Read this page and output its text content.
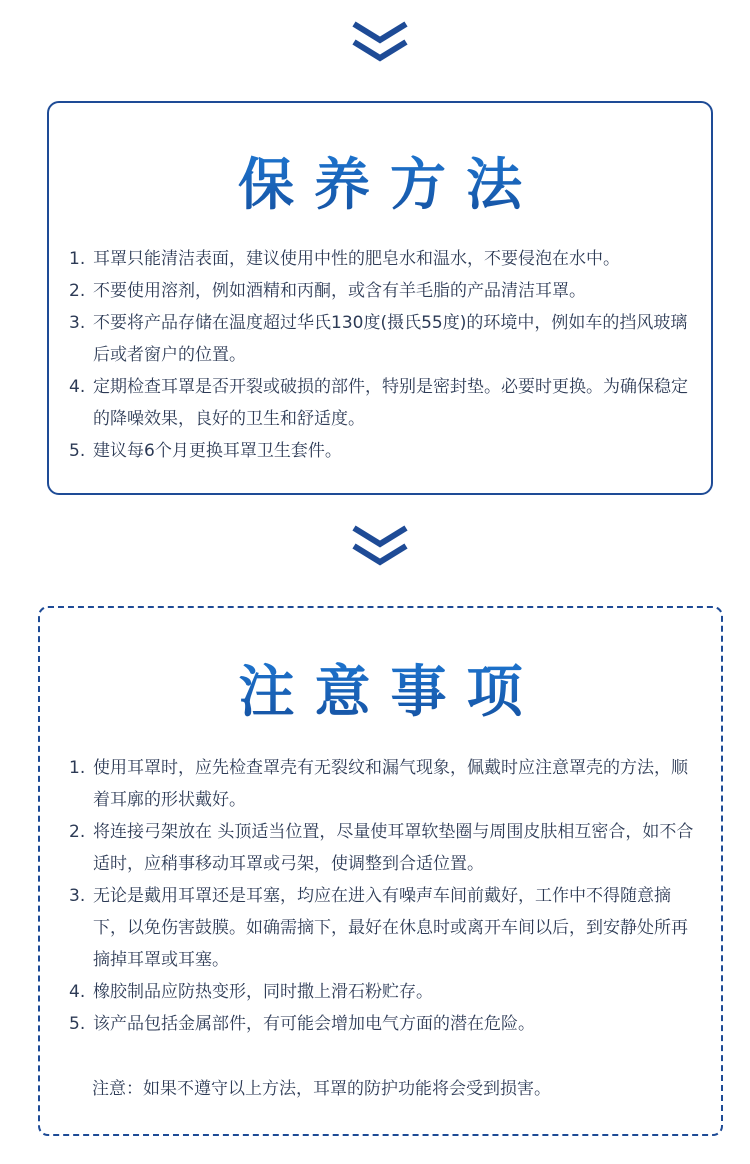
保养方法
1. 耳罩只能清洁表面，建议使用中性的肥皂水和温水，不要侵泡在水中。
2. 不要使用溶剂，例如酒精和丙酮，或含有羊毛脂的产品清洁耳罩。
3. 不要将产品存储在温度超过华氏130度(摄氏55度)的环境中，例如车的挡风玻璃后或者窗户的位置。
4. 定期检查耳罩是否开裂或破损的部件，特别是密封垫。必要时更换。为确保稳定的降噪效果，良好的卫生和舒适度。
5. 建议每6个月更换耳罩卫生套件。
注意事项
1. 使用耳罩时，应先检查罩壳有无裂纹和漏气现象，佩戴时应注意罩壳的方法，顺着耳廓的形状戴好。
2. 将连接弓架放在 头顶适当位置，尽量使耳罩软垫圈与周围皮肤相互密合，如不合适时，应稍事移动耳罩或弓架，使调整到合适位置。
3. 无论是戴用耳罩还是耳塞，均应在进入有噪声车间前戴好，工作中不得随意摘下，以免伤害鼓膜。如确需摘下，最好在休息时或离开车间以后，到安静处所再摘掉耳罩或耳塞。
4. 橡胶制品应防热变形，同时撒上滑石粉贮存。
5. 该产品包括金属部件，有可能会增加电气方面的潜在危险。

注意：如果不遵守以上方法，耳罩的防护功能将会受到损害。
